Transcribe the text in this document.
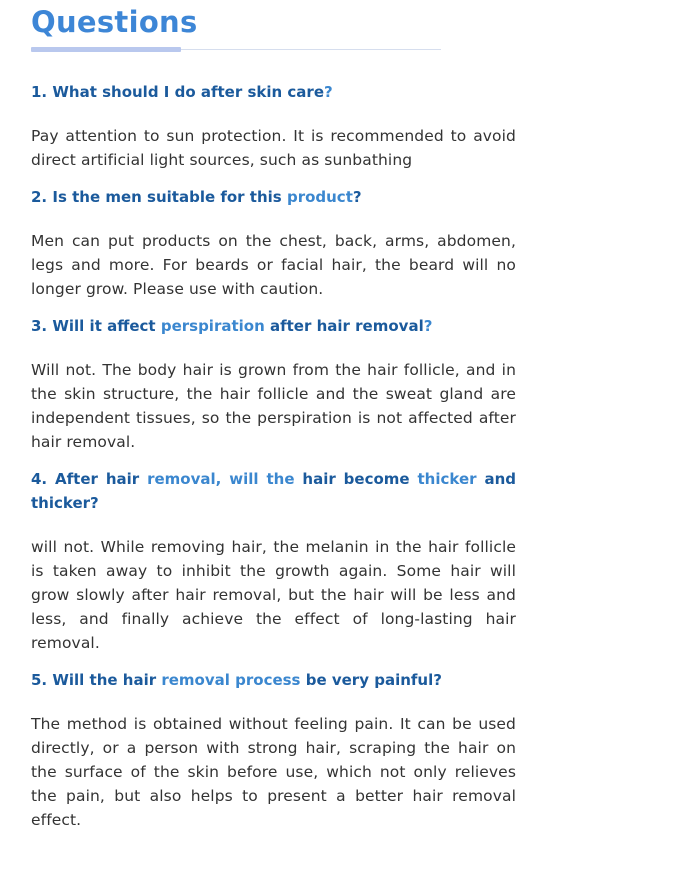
Questions

1. What should I do after skin care?

Pay attention to sun protection. It is recommended to avoid direct artificial light sources, such as sunbathing

2. Is the men suitable for this product?

Men can put products on the chest, back, arms, abdomen, legs and more. For beards or facial hair, the beard will no longer grow. Please use with caution.

3. Will it affect perspiration after hair removal?

Will not. The body hair is grown from the hair follicle, and in the skin structure, the hair follicle and the sweat gland are independent tissues, so the perspiration is not affected after hair removal.

4. After hair removal, will the hair become thicker and thicker?

will not. While removing hair, the melanin in the hair follicle is taken away to inhibit the growth again. Some hair will grow slowly after hair removal, but the hair will be less and less, and finally achieve the effect of long-lasting hair removal.

5. Will the hair removal process be very painful?

The method is obtained without feeling pain. It can be used directly, or a person with strong hair, scraping the hair on the surface of the skin before use, which not only relieves the pain, but also helps to present a better hair removal effect.
